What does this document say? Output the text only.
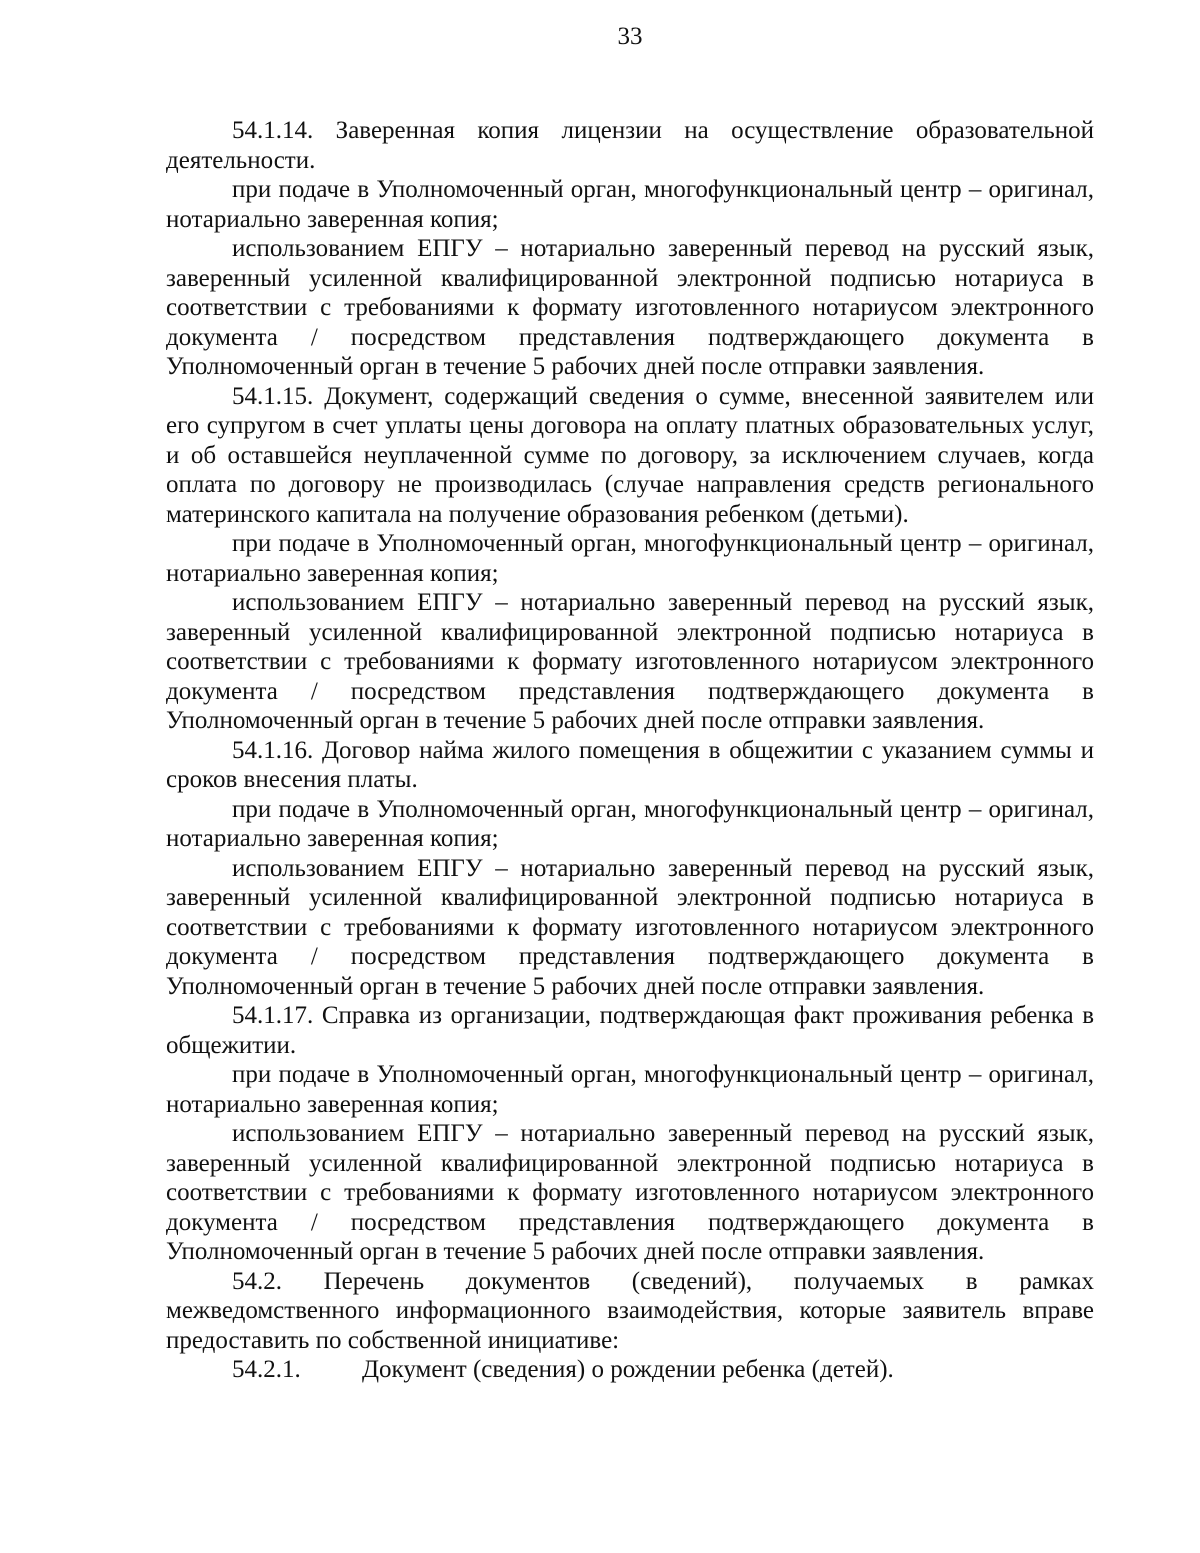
33

54.1.14. Заверенная копия лицензии на осуществление образовательной деятельности.

при подаче в Уполномоченный орган, многофункциональный центр – оригинал, нотариально заверенная копия;

использованием ЕПГУ – нотариально заверенный перевод на русский язык, заверенный усиленной квалифицированной электронной подписью нотариуса в соответствии с требованиями к формату изготовленного нотариусом электронного документа / посредством представления подтверждающего документа в Уполномоченный орган в течение 5 рабочих дней после отправки заявления.

54.1.15. Документ, содержащий сведения о сумме, внесенной заявителем или его супругом в счет уплаты цены договора на оплату платных образовательных услуг, и об оставшейся неуплаченной сумме по договору, за исключением случаев, когда оплата по договору не производилась (случае направления средств регионального материнского капитала на получение образования ребенком (детьми).

при подаче в Уполномоченный орган, многофункциональный центр – оригинал, нотариально заверенная копия;

использованием ЕПГУ – нотариально заверенный перевод на русский язык, заверенный усиленной квалифицированной электронной подписью нотариуса в соответствии с требованиями к формату изготовленного нотариусом электронного документа / посредством представления подтверждающего документа в Уполномоченный орган в течение 5 рабочих дней после отправки заявления.

54.1.16. Договор найма жилого помещения в общежитии с указанием суммы и сроков внесения платы.

при подаче в Уполномоченный орган, многофункциональный центр – оригинал, нотариально заверенная копия;

использованием ЕПГУ – нотариально заверенный перевод на русский язык, заверенный усиленной квалифицированной электронной подписью нотариуса в соответствии с требованиями к формату изготовленного нотариусом электронного документа / посредством представления подтверждающего документа в Уполномоченный орган в течение 5 рабочих дней после отправки заявления.

54.1.17. Справка из организации, подтверждающая факт проживания ребенка в общежитии.

при подаче в Уполномоченный орган, многофункциональный центр – оригинал, нотариально заверенная копия;

использованием ЕПГУ – нотариально заверенный перевод на русский язык, заверенный усиленной квалифицированной электронной подписью нотариуса в соответствии с требованиями к формату изготовленного нотариусом электронного документа / посредством представления подтверждающего документа в Уполномоченный орган в течение 5 рабочих дней после отправки заявления.

54.2. Перечень документов (сведений), получаемых в рамках межведомственного информационного взаимодействия, которые заявитель вправе предоставить по собственной инициативе:

54.2.1. Документ (сведения) о рождении ребенка (детей).
